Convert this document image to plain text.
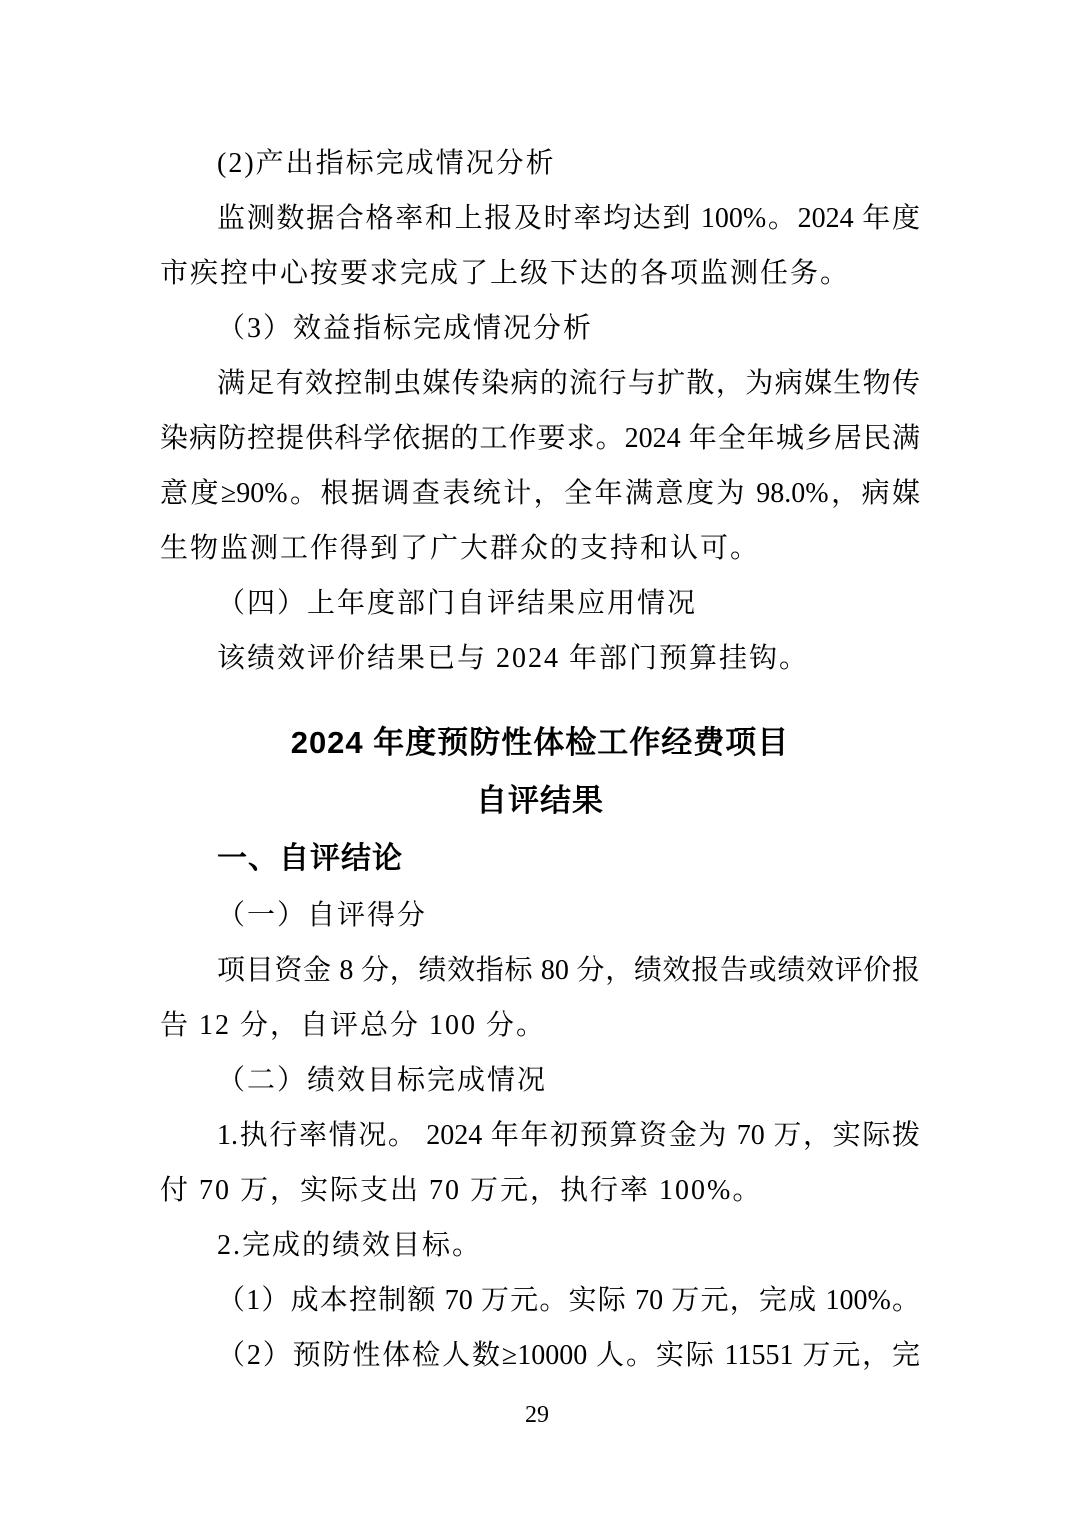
(2)产出指标完成情况分析
监测数据合格率和上报及时率均达到 100%。2024 年度
市疾控中心按要求完成了上级下达的各项监测任务。
（3）效益指标完成情况分析
满足有效控制虫媒传染病的流行与扩散，为病媒生物传
染病防控提供科学依据的工作要求。2024 年全年城乡居民满
意度≥90%。根据调查表统计，全年满意度为 98.0%，病媒
生物监测工作得到了广大群众的支持和认可。
（四）上年度部门自评结果应用情况
该绩效评价结果已与 2024 年部门预算挂钩。
2024 年度预防性体检工作经费项目
自评结果
一、自评结论
（一）自评得分
项目资金 8 分，绩效指标 80 分，绩效报告或绩效评价报
告 12 分，自评总分 100 分。
（二）绩效目标完成情况
1.执行率情况。 2024 年年初预算资金为 70 万，实际拨
付 70 万，实际支出 70 万元，执行率 100%。
2.完成的绩效目标。
（1）成本控制额 70 万元。实际 70 万元，完成 100%。
（2）预防性体检人数≥10000 人。实际 11551 万元，完
29
